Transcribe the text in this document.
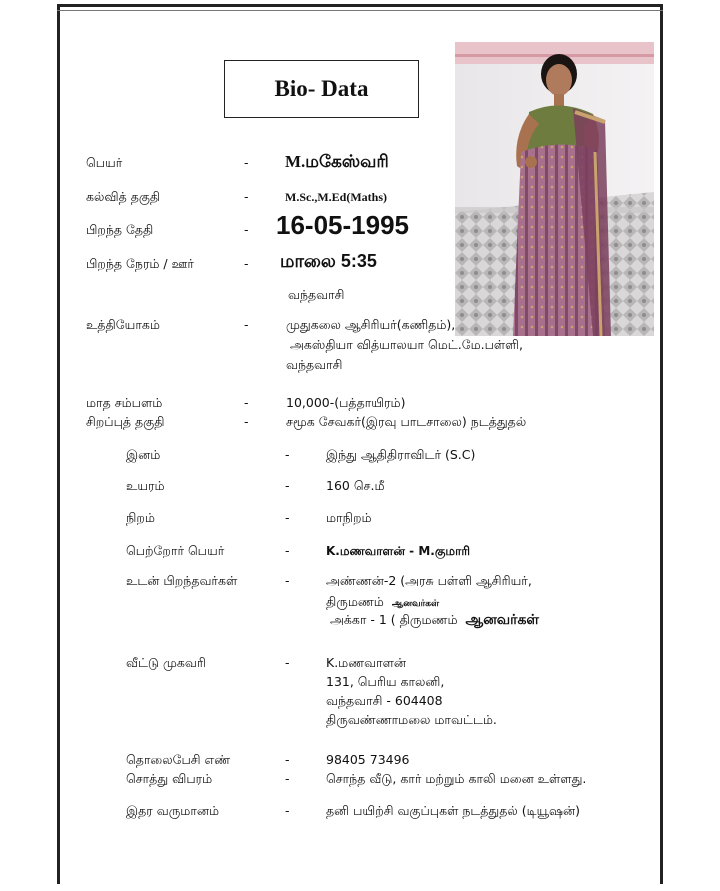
Bio- Data
பெயர்	- M.மகேஸ்வரி
கல்வித் தகுதி	-	M.Sc.,M.Ed(Maths)
பிறந்த தேதி	- 16-05-1995
பிறந்த நேரம் / ஊர்	- மாலை 5:35
வந்தவாசி
உத்தியோகம்	-	முதுகலை ஆசிரியர்(கணிதம்),
அகஸ்தியா வித்யாலயா மெட்.மே.பள்ளி,
வந்தவாசி
மாத சம்பளம்	-	10,000-(பத்தாயிரம்)
சிறப்புத் தகுதி	-	சமூக சேவகர்(இரவு பாடசாலை) நடத்துதல்
இனம்	-	இந்து ஆதிதிராவிடர் (S.C)
உயரம்	-	160 செ.மீ
நிறம்	-	மாநிறம்
பெற்றோர் பெயர்	-	K.மணவாளன் - M.குமாரி
உடன் பிறந்தவர்கள்	-	அண்ணன்-2 (அரசு பள்ளி ஆசிரியர்,
திருமணம் ஆனவர்கள்
அக்கா - 1 ( திருமணம் ஆனவர்கள்
வீட்டு முகவரி	-	K.மணவாளன்
131, பெரிய காலனி,
வந்தவாசி - 604408
திருவண்ணாமலை மாவட்டம்.
தொலைபேசி எண்	-	98405 73496
சொத்து விபரம்	-	சொந்த வீடு, கார் மற்றும் காலி மனை உள்ளது.
இதர வருமானம்	-	தனி பயிற்சி வகுப்புகள் நடத்துதல் (டியூஷன்)
